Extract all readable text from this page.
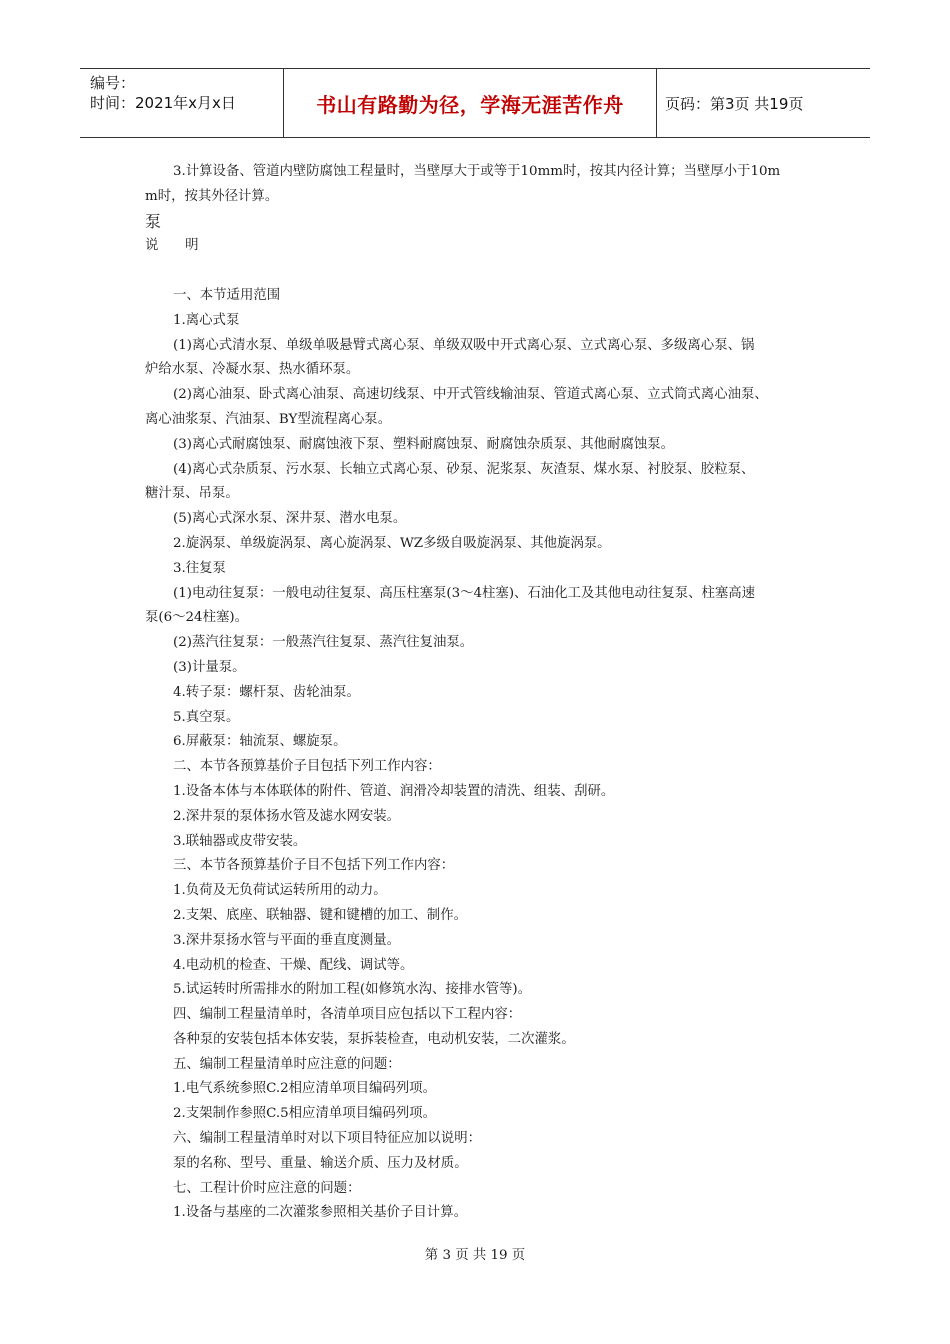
编号：
时间：2021年x月x日	书山有路勤为径，学海无涯苦作舟	页码：第3页 共19页
3.计算设备、管道内壁防腐蚀工程量时，当壁厚大于或等于10mm时，按其内径计算；当壁厚小于10m
m时，按其外径计算。
泵
说　　明
一、本节适用范围
1.离心式泵
(1)离心式清水泵、单级单吸悬臂式离心泵、单级双吸中开式离心泵、立式离心泵、多级离心泵、锅
炉给水泵、冷凝水泵、热水循环泵。
(2)离心油泵、卧式离心油泵、高速切线泵、中开式管线输油泵、管道式离心泵、立式筒式离心油泵、
离心油浆泵、汽油泵、BY型流程离心泵。
(3)离心式耐腐蚀泵、耐腐蚀液下泵、塑料耐腐蚀泵、耐腐蚀杂质泵、其他耐腐蚀泵。
(4)离心式杂质泵、污水泵、长轴立式离心泵、砂泵、泥浆泵、灰渣泵、煤水泵、衬胶泵、胶粒泵、
糖汁泵、吊泵。
(5)离心式深水泵、深井泵、潜水电泵。
2.旋涡泵、单级旋涡泵、离心旋涡泵、WZ多级自吸旋涡泵、其他旋涡泵。
3.往复泵
(1)电动往复泵：一般电动往复泵、高压柱塞泵(3～4柱塞)、石油化工及其他电动往复泵、柱塞高速
泵(6～24柱塞)。
(2)蒸汽往复泵：一般蒸汽往复泵、蒸汽往复油泵。
(3)计量泵。
4.转子泵：螺杆泵、齿轮油泵。
5.真空泵。
6.屏蔽泵：轴流泵、螺旋泵。
二、本节各预算基价子目包括下列工作内容：
1.设备本体与本体联体的附件、管道、润滑冷却装置的清洗、组装、刮研。
2.深井泵的泵体扬水管及滤水网安装。
3.联轴器或皮带安装。
三、本节各预算基价子目不包括下列工作内容：
1.负荷及无负荷试运转所用的动力。
2.支架、底座、联轴器、键和键槽的加工、制作。
3.深井泵扬水管与平面的垂直度测量。
4.电动机的检查、干燥、配线、调试等。
5.试运转时所需排水的附加工程(如修筑水沟、接排水管等)。
四、编制工程量清单时，各清单项目应包括以下工程内容：
各种泵的安装包括本体安装，泵拆装检查，电动机安装，二次灌浆。
五、编制工程量清单时应注意的问题：
1.电气系统参照C.2相应清单项目编码列项。
2.支架制作参照C.5相应清单项目编码列项。
六、编制工程量清单时对以下项目特征应加以说明：
泵的名称、型号、重量、输送介质、压力及材质。
七、工程计价时应注意的问题：
1.设备与基座的二次灌浆参照相关基价子目计算。
第 3 页 共 19 页
